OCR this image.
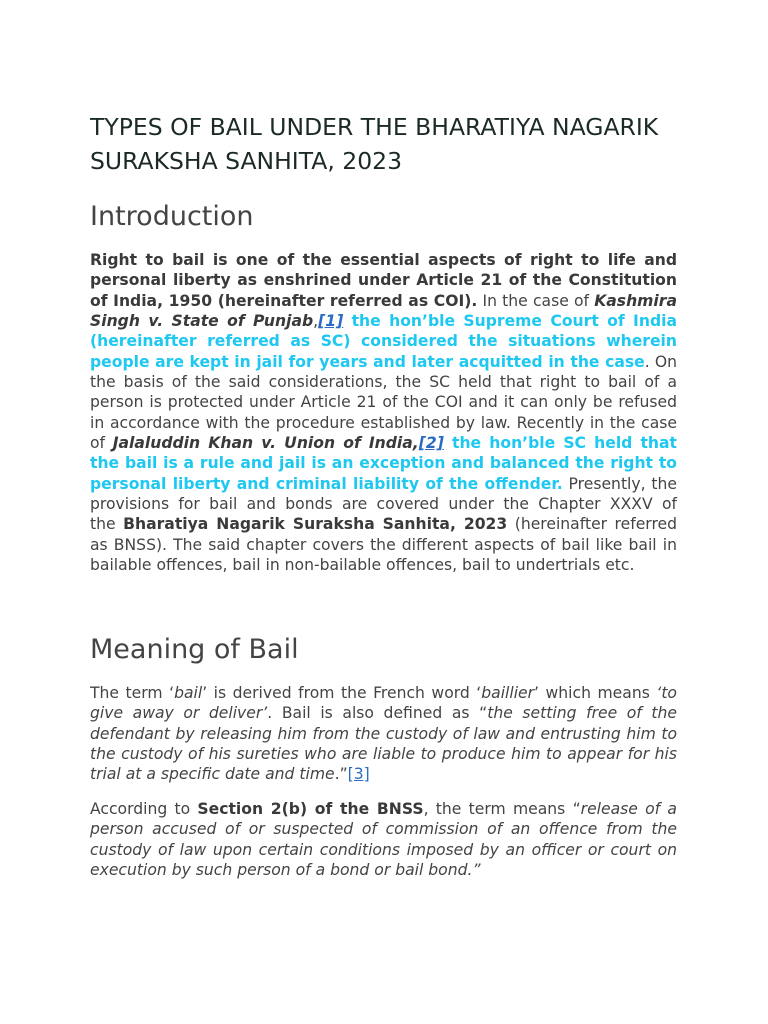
TYPES OF BAIL UNDER THE BHARATIYA NAGARIK SURAKSHA SANHITA, 2023
Introduction

Right to bail is one of the essential aspects of right to life and personal liberty as enshrined under Article 21 of the Constitution of India, 1950 (hereinafter referred as COI). In the case of Kashmira Singh v. State of Punjab,[1] the hon’ble Supreme Court of India (hereinafter referred as SC) considered the situations wherein people are kept in jail for years and later acquitted in the case. On the basis of the said considerations, the SC held that right to bail of a person is protected under Article 21 of the COI and it can only be refused in accordance with the procedure established by law. Recently in the case of Jalaluddin Khan v. Union of India,[2] the hon’ble SC held that the bail is a rule and jail is an exception and balanced the right to personal liberty and criminal liability of the offender. Presently, the provisions for bail and bonds are covered under the Chapter XXXV of the Bharatiya Nagarik Suraksha Sanhita, 2023 (hereinafter referred as BNSS). The said chapter covers the different aspects of bail like bail in bailable offences, bail in non-bailable offences, bail to undertrials etc.

Meaning of Bail

The term ‘bail’ is derived from the French word ‘baillier’ which means ‘to give away or deliver’. Bail is also defined as “the setting free of the defendant by releasing him from the custody of law and entrusting him to the custody of his sureties who are liable to produce him to appear for his trial at a specific date and time.”[3]

According to Section 2(b) of the BNSS, the term means “release of a person accused of or suspected of commission of an offence from the custody of law upon certain conditions imposed by an officer or court on execution by such person of a bond or bail bond.”
